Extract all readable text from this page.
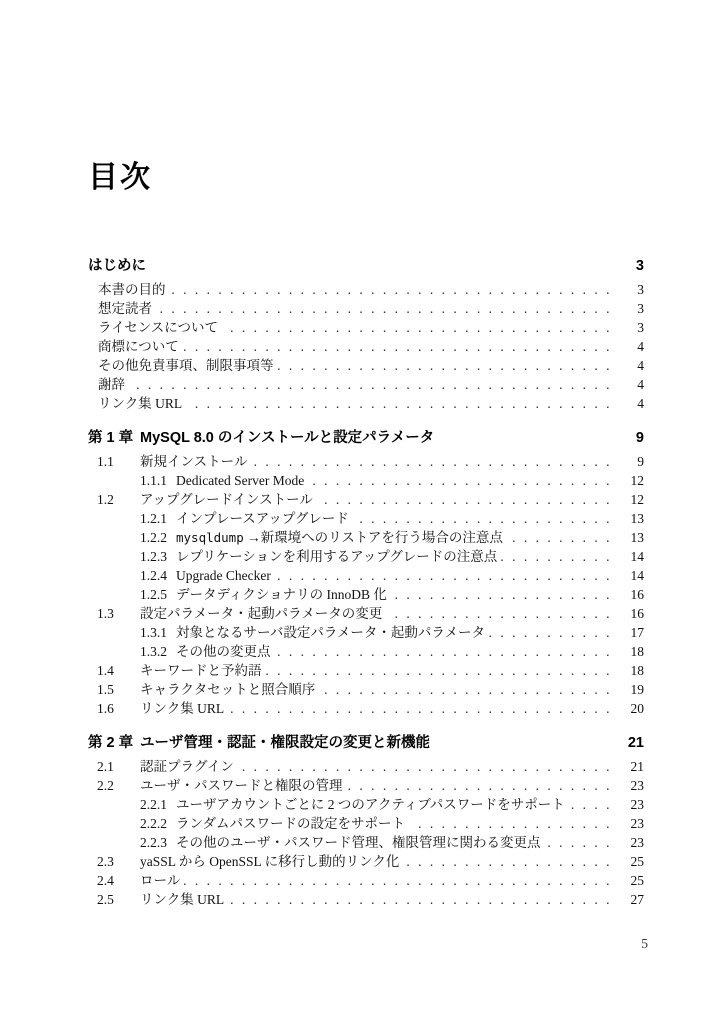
目次
はじめに	3
本書の目的 . . .	3
想定読者 . . .	3
ライセンスについて . . .	3
商標について . . .	4
その他免責事項、制限事項等 . . .	4
謝辞 . . .	4
リンク集 URL . . .	4
第 1 章 MySQL 8.0 のインストールと設定パラメータ	9
1.1	新規インストール . . .	9
1.1.1 Dedicated Server Mode . . .	12
1.2	アップグレードインストール . . .	12
1.2.1 インプレースアップグレード . . .	13
1.2.2 mysqldump →新環境へのリストアを行う場合の注意点 . . .	13
1.2.3 レプリケーションを利用するアップグレードの注意点 . . .	14
1.2.4 Upgrade Checker . . .	14
1.2.5 データディクショナリの InnoDB 化 . . .	16
1.3	設定パラメータ・起動パラメータの変更 . . .	16
1.3.1 対象となるサーバ設定パラメータ・起動パラメータ . . .	17
1.3.2 その他の変更点 . . .	18
1.4	キーワードと予約語 . . .	18
1.5	キャラクタセットと照合順序 . . .	19
1.6	リンク集 URL . . .	20
第 2 章 ユーザ管理・認証・権限設定の変更と新機能	21
2.1	認証プラグイン . . .	21
2.2	ユーザ・パスワードと権限の管理 . . .	23
2.2.1 ユーザアカウントごとに 2 つのアクティブパスワードをサポート . . .	23
2.2.2 ランダムパスワードの設定をサポート . . .	23
2.2.3 その他のユーザ・パスワード管理、権限管理に関わる変更点 . . .	23
2.3	yaSSL から OpenSSL に移行し動的リンク化 . . .	25
2.4	ロール . . .	25
2.5	リンク集 URL . . .	27
5
